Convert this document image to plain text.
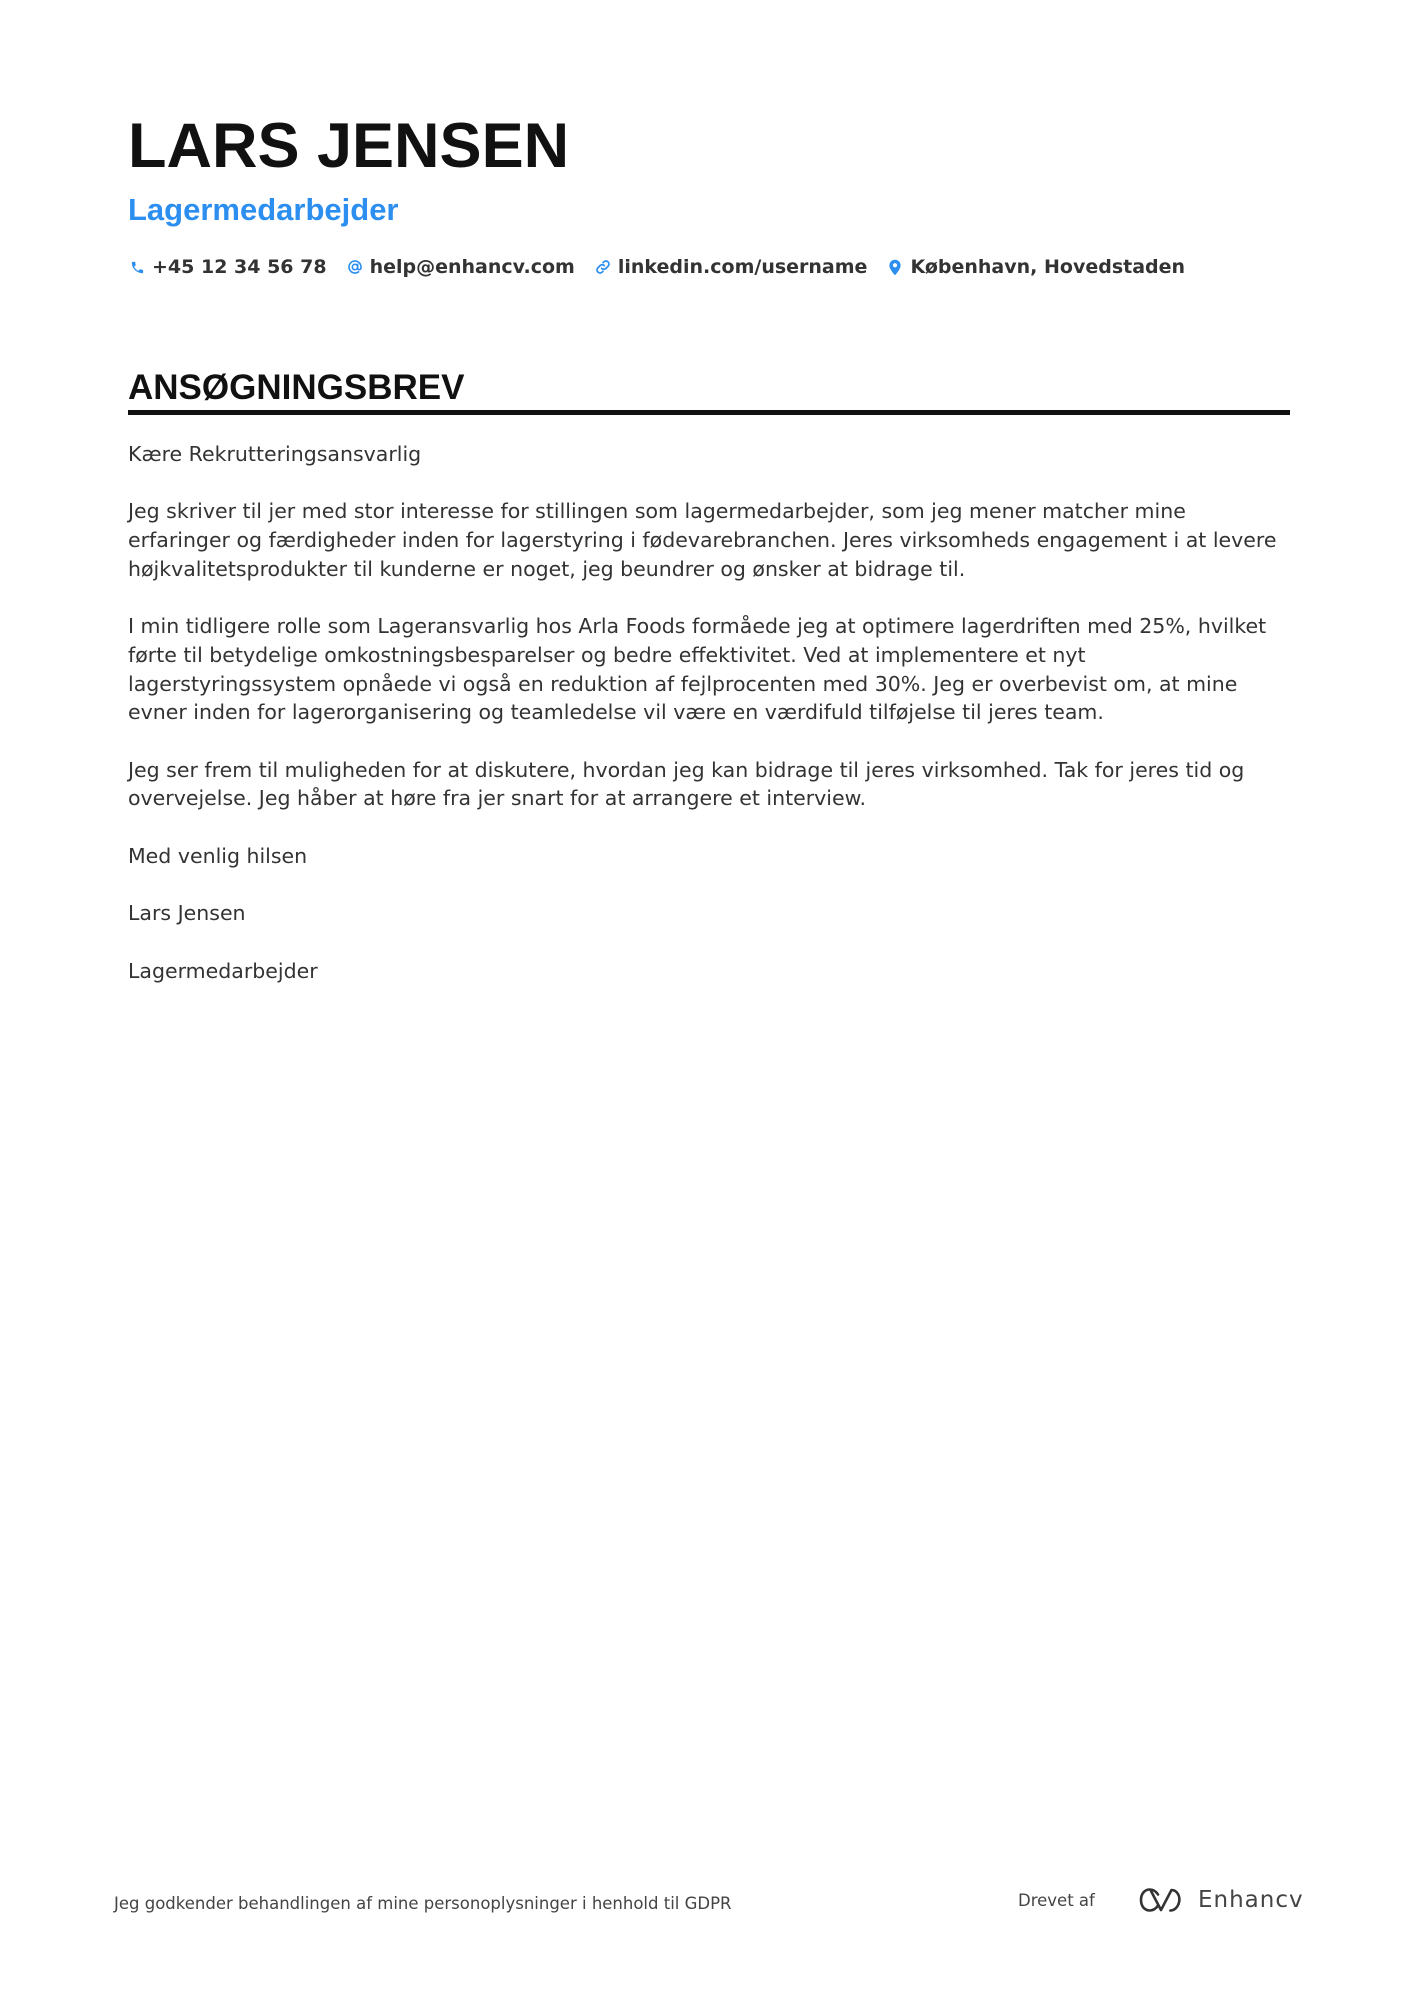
LARS JENSEN
Lagermedarbejder
+45 12 34 56 78 help@enhancv.com linkedin.com/username København, Hovedstaden
ANSØGNINGSBREV

Kære Rekrutteringsansvarlig

Jeg skriver til jer med stor interesse for stillingen som lagermedarbejder, som jeg mener matcher mine erfaringer og færdigheder inden for lagerstyring i fødevarebranchen. Jeres virksomheds engagement i at levere højkvalitetsprodukter til kunderne er noget, jeg beundrer og ønsker at bidrage til.

I min tidligere rolle som Lageransvarlig hos Arla Foods formåede jeg at optimere lagerdriften med 25%, hvilket førte til betydelige omkostningsbesparelser og bedre effektivitet. Ved at implementere et nyt lagerstyringssystem opnåede vi også en reduktion af fejlprocenten med 30%. Jeg er overbevist om, at mine evner inden for lagerorganisering og teamledelse vil være en værdifuld tilføjelse til jeres team.

Jeg ser frem til muligheden for at diskutere, hvordan jeg kan bidrage til jeres virksomhed. Tak for jeres tid og overvejelse. Jeg håber at høre fra jer snart for at arrangere et interview.

Med venlig hilsen

Lars Jensen

Lagermedarbejder

Jeg godkender behandlingen af mine personoplysninger i henhold til GDPR	Drevet af	Enhancv
